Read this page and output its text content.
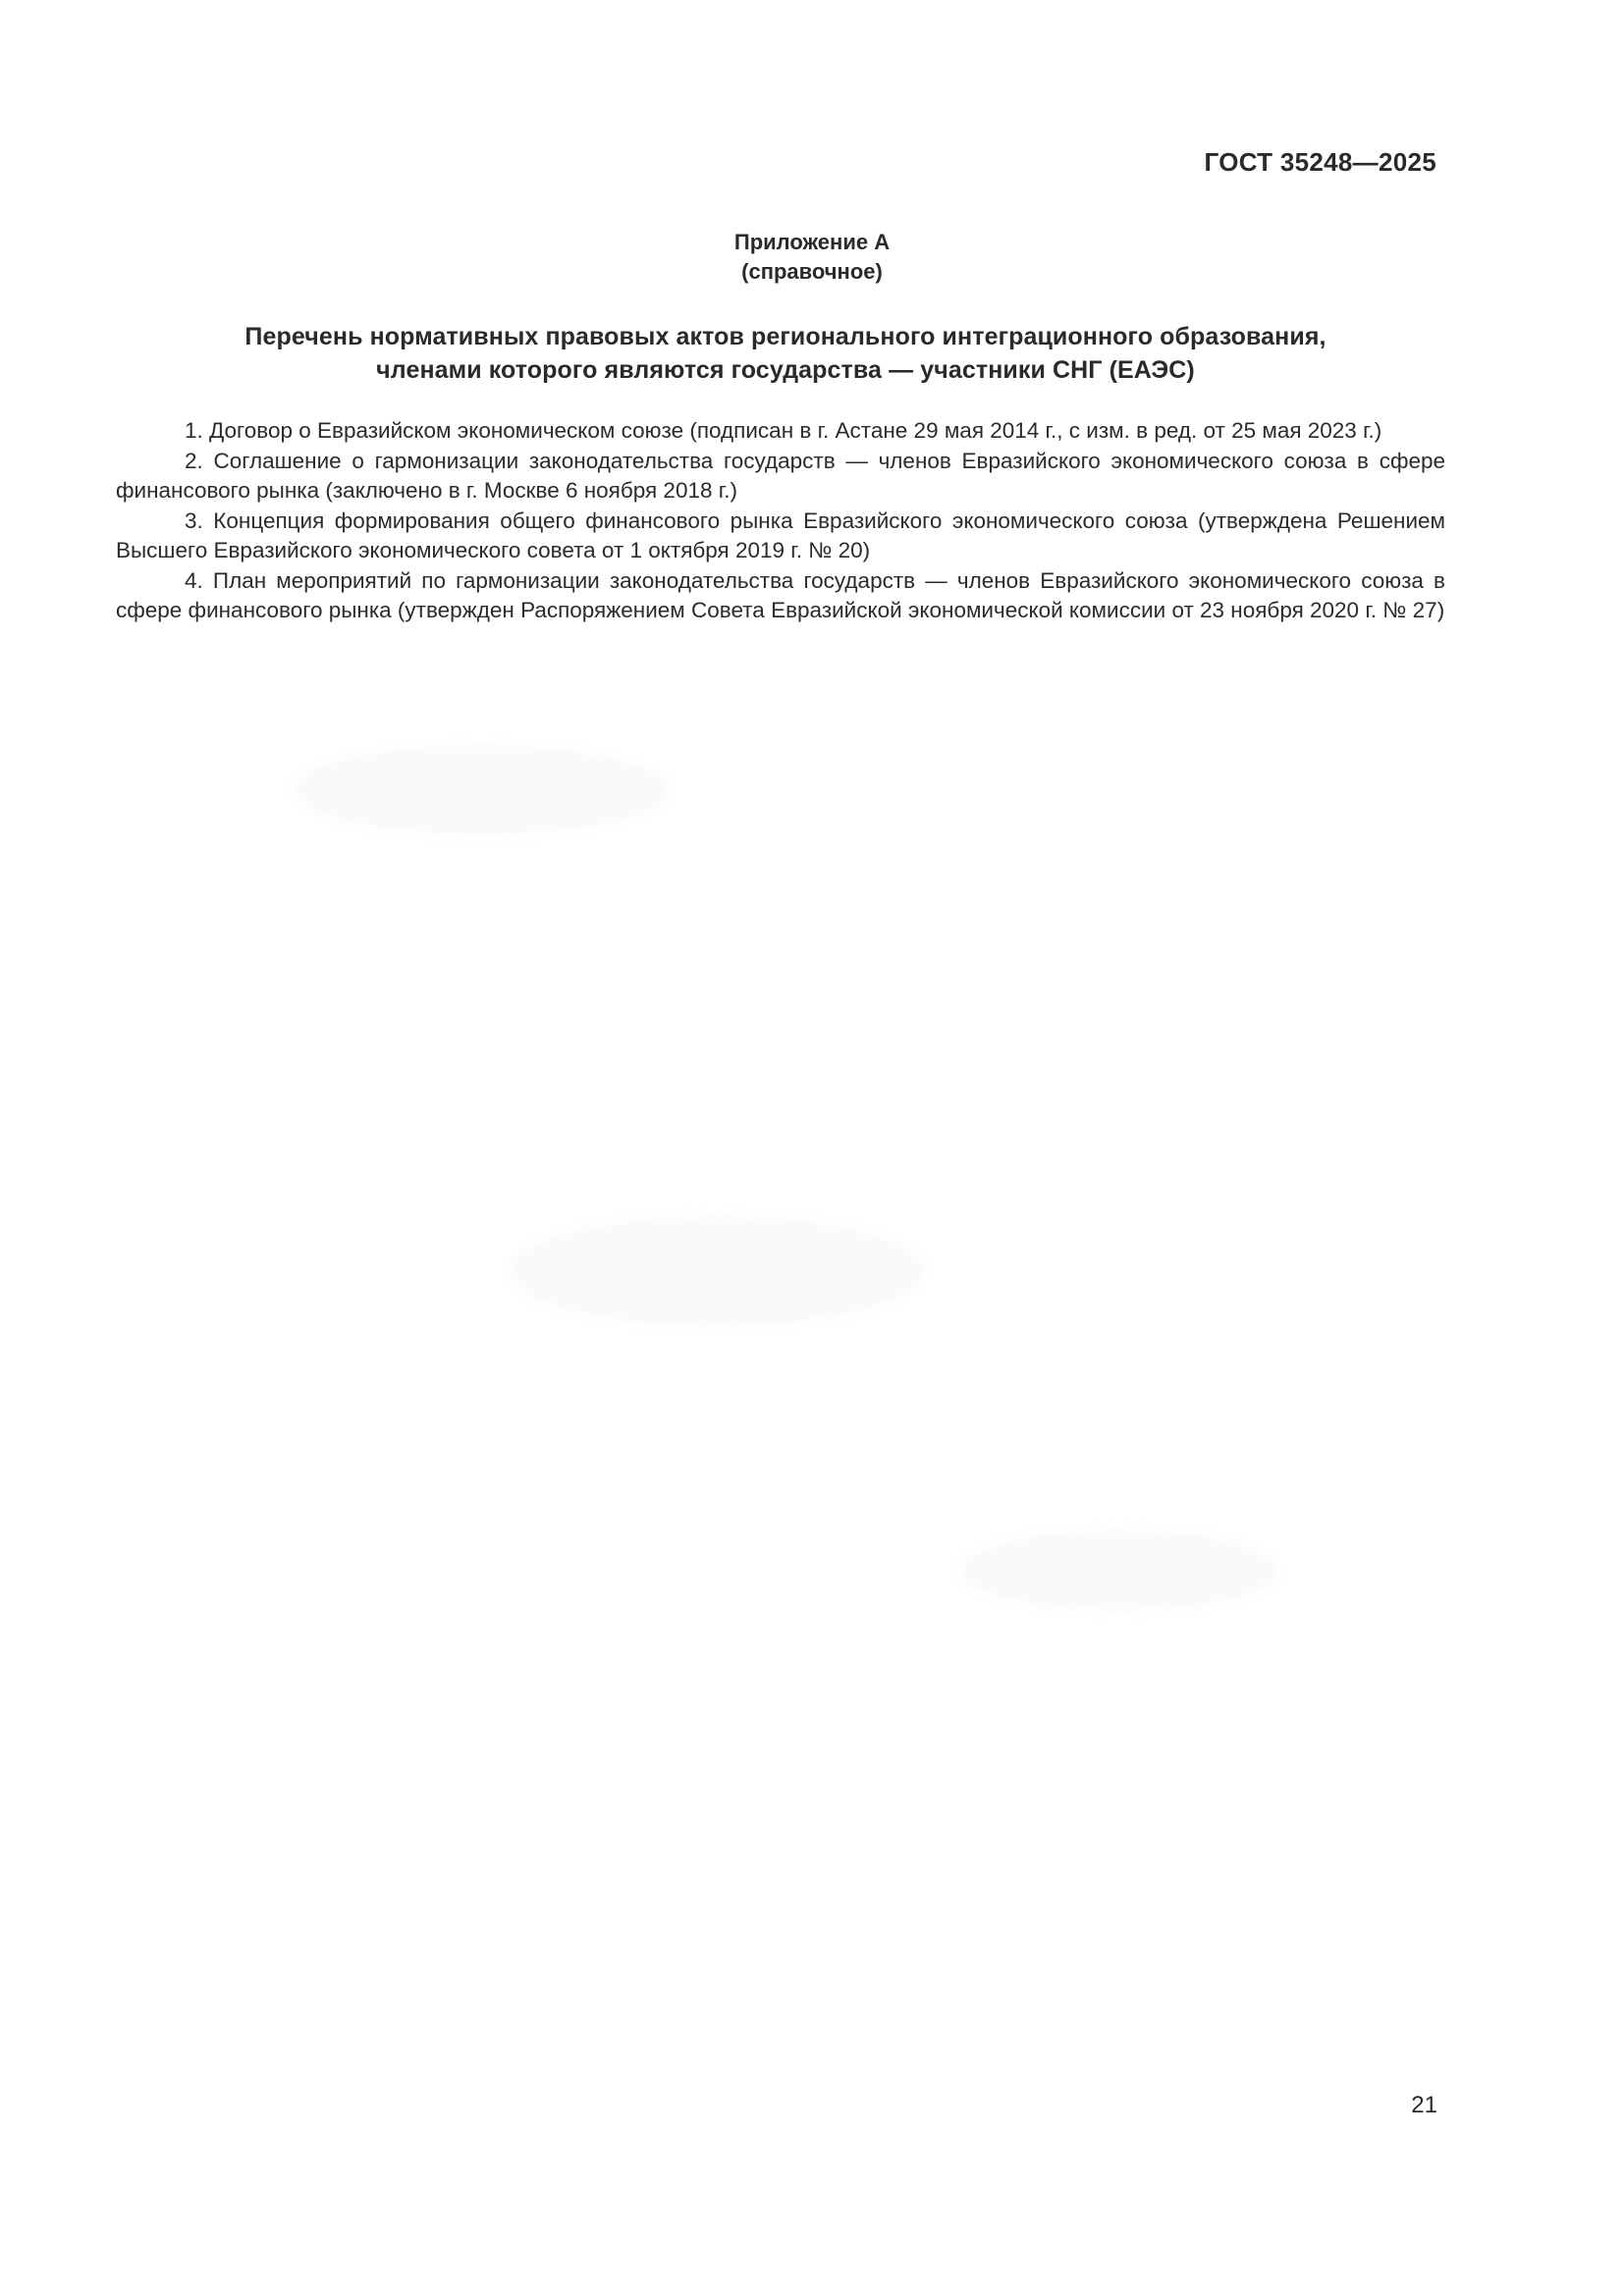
ГОСТ 35248—2025
Приложение А
(справочное)
Перечень нормативных правовых актов регионального интеграционного образования,
членами которого являются государства — участники СНГ (ЕАЭС)

1. Договор о Евразийском экономическом союзе (подписан в г. Астане 29 мая 2014 г., с изм. в ред. от 25 мая 2023 г.)

2. Соглашение о гармонизации законодательства государств — членов Евразийского экономического союза в сфере финансового рынка (заключено в г. Москве 6 ноября 2018 г.)

3. Концепция формирования общего финансового рынка Евразийского экономического союза (утверждена Решением Высшего Евразийского экономического совета от 1 октября 2019 г. № 20)

4. План мероприятий по гармонизации законодательства государств — членов Евразийского экономического союза в сфере финансового рынка (утвержден Распоряжением Совета Евразийской экономической комиссии от 23 ноября 2020 г. № 27)

21
